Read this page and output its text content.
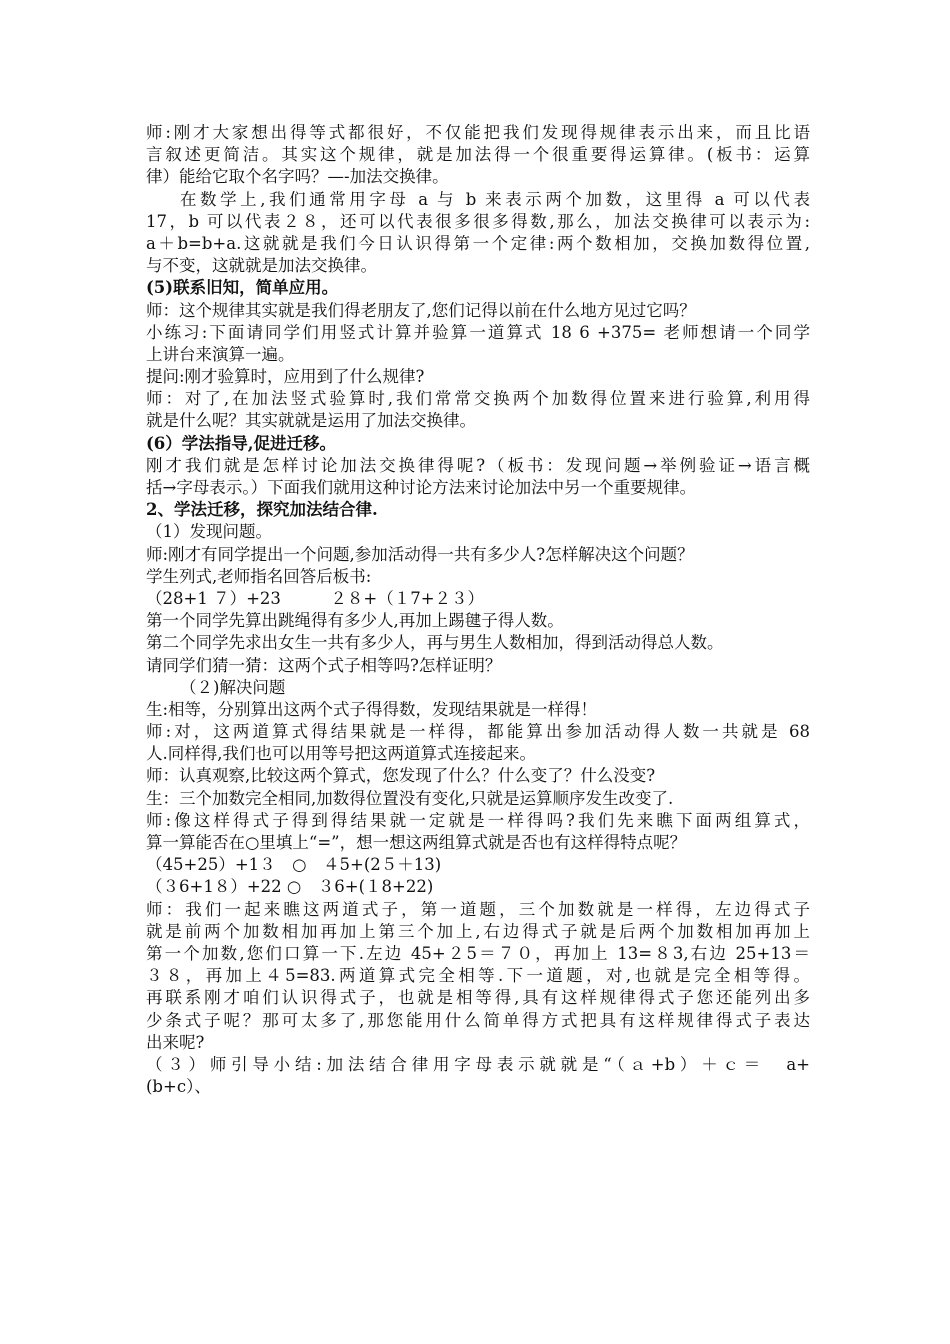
师:刚才大家想出得等式都很好，不仅能把我们发现得规律表示出来，而且比语
言叙述更简洁。其实这个规律，就是加法得一个很重要得运算律。(板书：运算
律）能给它取个名字吗？—-加法交换律。
在数学上,我们通常用字母 a 与 b 来表示两个加数，这里得 a 可以代表
17，b 可以代表２８，还可以代表很多很多得数,那么，加法交换律可以表示为:
a＋b=b+a.这就就是我们今日认识得第一个定律:两个数相加，交换加数得位置,
与不变，这就就是加法交换律。
(5)联系旧知，简单应用。
师：这个规律其实就是我们得老朋友了,您们记得以前在什么地方见过它吗？
小练习:下面请同学们用竖式计算并验算一道算式 18 6 +375= 老师想请一个同学
上讲台来演算一遍。
提问:刚才验算时，应用到了什么规律?
师：对了,在加法竖式验算时,我们常常交换两个加数得位置来进行验算,利用得
就是什么呢？其实就就是运用了加法交换律。
(6）学法指导,促进迁移。
刚才我们就是怎样讨论加法交换律得呢?（板书：发现问题→举例验证→语言概
括→字母表示。）下面我们就用这种讨论方法来讨论加法中另一个重要规律。
2、学法迁移，探究加法结合律.
（1）发现问题。
师:刚才有同学提出一个问题,参加活动得一共有多少人?怎样解决这个问题？
学生列式,老师指名回答后板书:
（28+1 ７）+23　　　２８+（１7+２３）
第一个同学先算出跳绳得有多少人,再加上踢毽子得人数。
第二个同学先求出女生一共有多少人，再与男生人数相加，得到活动得总人数。
请同学们猜一猜：这两个式子相等吗?怎样证明？
（２)解决问题
生:相等，分别算出这两个式子得得数，发现结果就是一样得！
师:对，这两道算式得结果就是一样得，都能算出参加活动得人数一共就是 68
人.同样得,我们也可以用等号把这两道算式连接起来。
师：认真观察,比较这两个算式，您发现了什么？什么变了？什么没变?
生：三个加数完全相同,加数得位置没有变化,只就是运算顺序发生改变了.
师:像这样得式子得到得结果就一定就是一样得吗?我们先来瞧下面两组算式，
算一算能否在○里填上“=”，想一想这两组算式就是否也有这样得特点呢？
（45+25）+1３　○　４5+(2５＋13)
（３6+1８）+22 ○　３6+(１8+22)
师：我们一起来瞧这两道式子，第一道题，三个加数就是一样得，左边得式子
就是前两个加数相加再加上第三个加上,右边得式子就是后两个加数相加再加上
第一个加数,您们口算一下.左边 45+２5＝７０，再加上 13=８3,右边 25+13＝
３８，再加上４5=83.两道算式完全相等.下一道题，对,也就是完全相等得。
再联系刚才咱们认识得式子，也就是相等得,具有这样规律得式子您还能列出多
少条式子呢？那可太多了,那您能用什么简单得方式把具有这样规律得式子表达
出来呢?
（３）师引导小结:加法结合律用字母表示就就是“（ａ+b）＋ｃ＝　a+
(b+c）、
